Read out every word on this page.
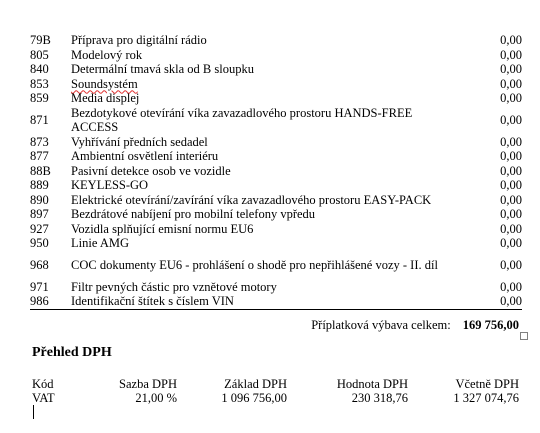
79B	Příprava pro digitální rádio	0,00
805	Modelový rok	0,00
840	Determální tmavá skla od B sloupku	0,00
853	Soundsystém	0,00
859	Media displej	0,00
871	Bezdotykové otevírání víka zavazadlového prostoru HANDS-FREE ACCESS	0,00
873	Vyhřívání předních sedadel	0,00
877	Ambientní osvětlení interiéru	0,00
88B	Pasivní detekce osob ve vozidle	0,00
889	KEYLESS-GO	0,00
890	Elektrické otevírání/zavírání víka zavazadlového prostoru EASY-PACK	0,00
897	Bezdrátové nabíjení pro mobilní telefony vpředu	0,00
927	Vozidla splňující emisní normu EU6	0,00
950	Linie AMG	0,00
968	COC dokumenty EU6 - prohlášení o shodě pro nepřihlášené vozy - II. díl	0,00
971	Filtr pevných částic pro vznětové motory	0,00
986	Identifikační štítek s číslem VIN	0,00
Příplatková výbava celkem: 169 756,00
Přehled DPH
Kód	Sazba DPH	Základ DPH	Hodnota DPH	Včetně DPH
VAT	21,00 %	1 096 756,00	230 318,76	1 327 074,76
